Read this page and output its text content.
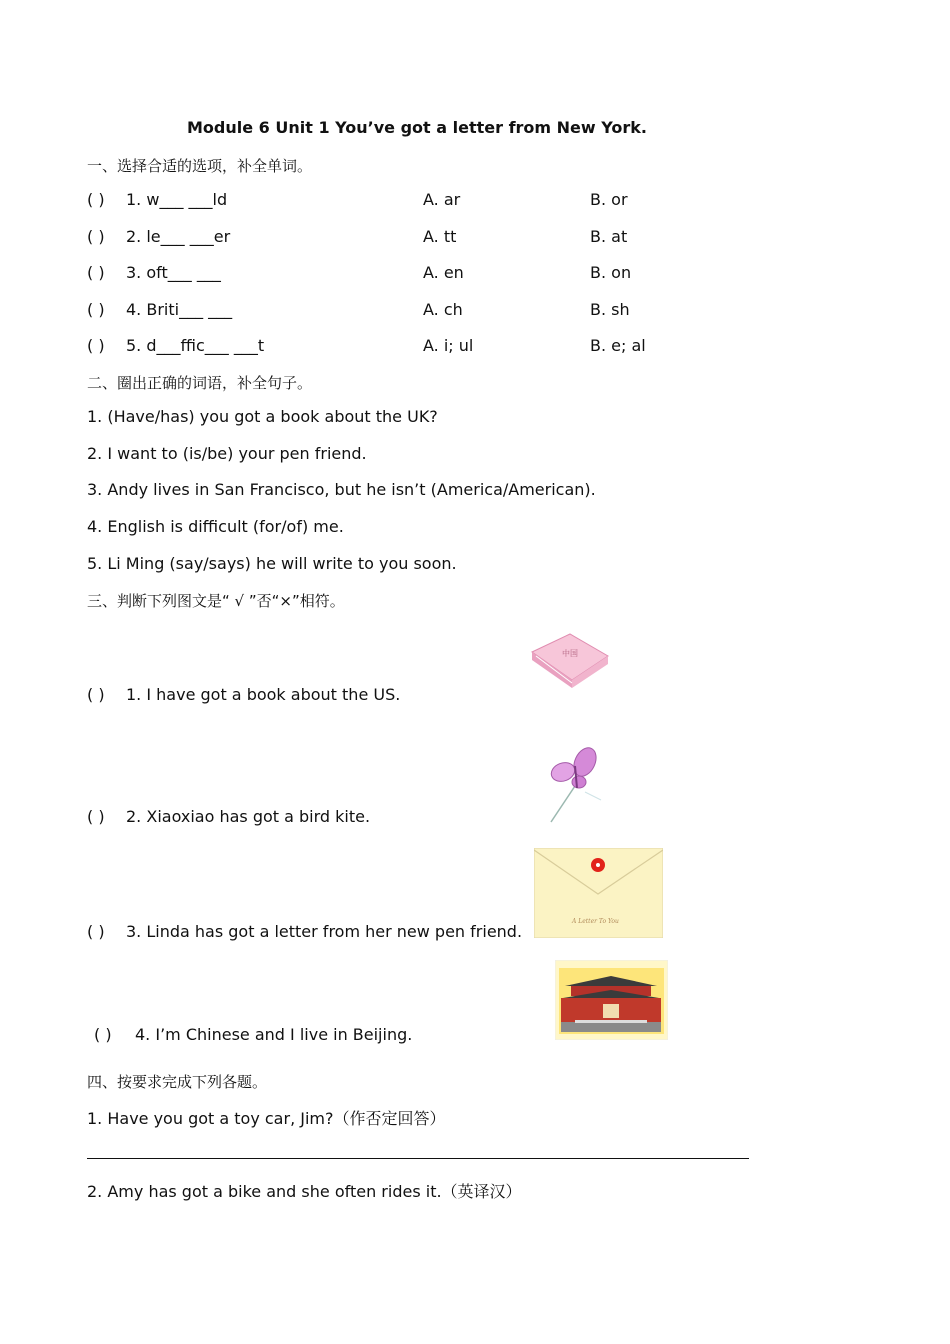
Module 6 Unit 1 You’ve got a letter from New York.
一、选择合适的选项，补全单词。
( ) 1. w___ ___ld	A. ar	B. or
( ) 2. le___ ___er	A. tt	B. at
( ) 3. oft___ ___	A. en	B. on
( ) 4. Briti___ ___	A. ch	B. sh
( ) 5. d___ffic___ ___t	A. i; ul	B. e; al
二、圈出正确的词语，补全句子。
1. (Have/has) you got a book about the UK?
2. I want to (is/be) your pen friend.
3. Andy lives in San Francisco, but he isn’t (America/American).
4. English is difficult (for/of) me.
5. Li Ming (say/says) he will write to you soon.
三、判断下列图文是“ √ ”否“×”相符。
( ) 1. I have got a book about the US.
中国
( ) 2. Xiaoxiao has got a bird kite.
( ) 3. Linda has got a letter from her new pen friend.
A Letter To You
( ) 4. I’m Chinese and I live in Beijing.
四、按要求完成下列各题。
1. Have you got a toy car, Jim?（作否定回答）
2. Amy has got a bike and she often rides it.（英译汉）
